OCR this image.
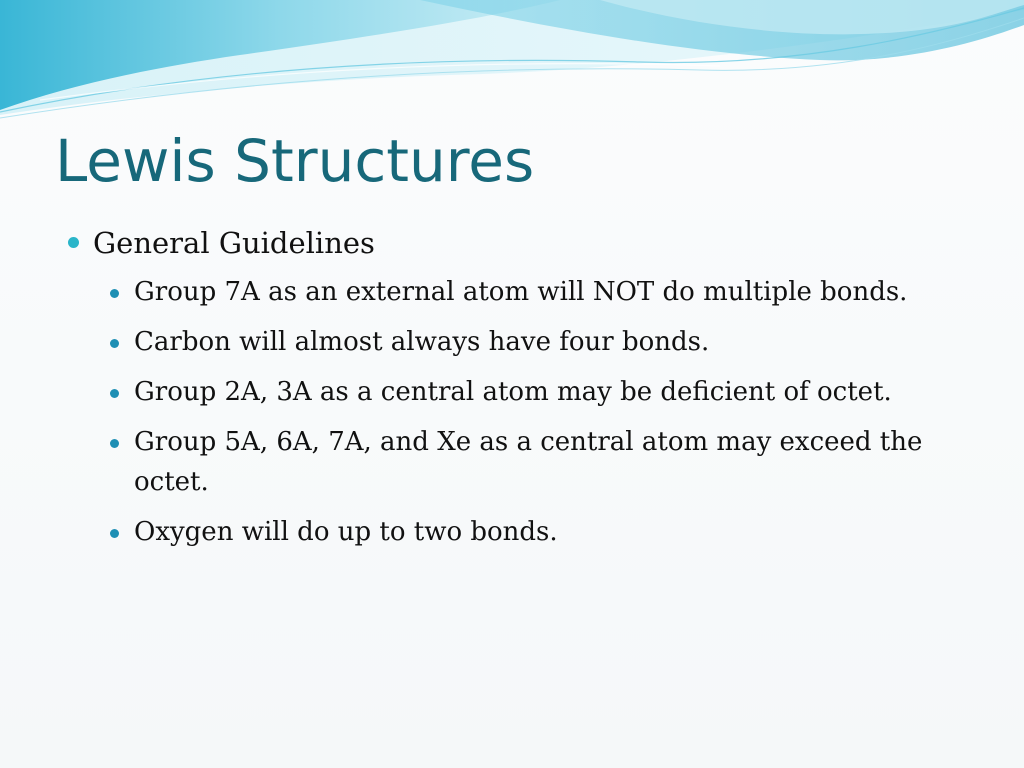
Lewis Structures
General Guidelines
Group 7A as an external atom will NOT do multiple bonds.
Carbon will almost always have four bonds.
Group 2A, 3A as a central atom may be deficient of octet.
Group 5A, 6A, 7A, and Xe as a central atom may exceed the octet.
Oxygen will do up to two bonds.
